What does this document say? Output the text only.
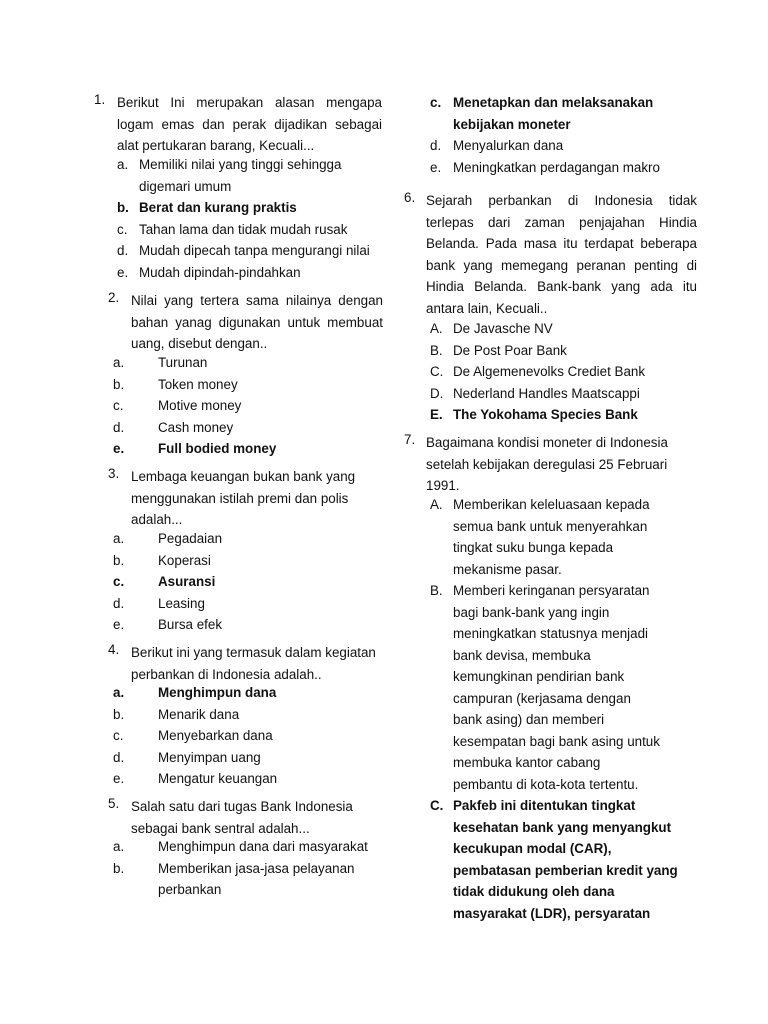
1. Berikut Ini merupakan alasan mengapa logam emas dan perak dijadikan sebagai alat pertukaran barang, Kecuali...
a. Memiliki nilai yang tinggi sehingga digemari umum
b. Berat dan kurang praktis
c. Tahan lama dan tidak mudah rusak
d. Mudah dipecah tanpa mengurangi nilai
e. Mudah dipindah-pindahkan
2. Nilai yang tertera sama nilainya dengan bahan yanag digunakan untuk membuat uang, disebut dengan..
a.	Turunan
b.	Token money
c.	Motive money
d.	Cash money
e.	Full bodied money
3. Lembaga keuangan bukan bank yang menggunakan istilah premi dan polis adalah...
a.	Pegadaian
b.	Koperasi
c.	Asuransi
d.	Leasing
e.	Bursa efek
4. Berikut ini yang termasuk dalam kegiatan perbankan di Indonesia adalah..
a.	Menghimpun dana
b.	Menarik dana
c.	Menyebarkan dana
d.	Menyimpan uang
e.	Mengatur keuangan
5. Salah satu dari tugas Bank Indonesia sebagai bank sentral adalah...
a.	Menghimpun dana dari masyarakat
b.	Memberikan jasa-jasa pelayanan perbankan
c. Menetapkan dan melaksanakan kebijakan moneter
d. Menyalurkan dana
e. Meningkatkan perdagangan makro
6. Sejarah perbankan di Indonesia tidak terlepas dari zaman penjajahan Hindia Belanda. Pada masa itu terdapat beberapa bank yang memegang peranan penting di Hindia Belanda. Bank-bank yang ada itu antara lain, Kecuali..
A. De Javasche NV
B. De Post Poar Bank
C. De Algemenevolks Crediet Bank
D. Nederland Handles Maatscappi
E. The Yokohama Species Bank
7. Bagaimana kondisi moneter di Indonesia setelah kebijakan deregulasi 25 Februari 1991.
A. Memberikan keleluasaan kepada semua bank untuk menyerahkan tingkat suku bunga kepada mekanisme pasar.
B. Memberi keringanan persyaratan bagi bank-bank yang ingin meningkatkan statusnya menjadi bank devisa, membuka kemungkinan pendirian bank campuran (kerjasama dengan bank asing) dan memberi kesempatan bagi bank asing untuk membuka kantor cabang pembantu di kota-kota tertentu.
C. Pakfeb ini ditentukan tingkat kesehatan bank yang menyangkut kecukupan modal (CAR), pembatasan pemberian kredit yang tidak didukung oleh dana masyarakat (LDR), persyaratan
